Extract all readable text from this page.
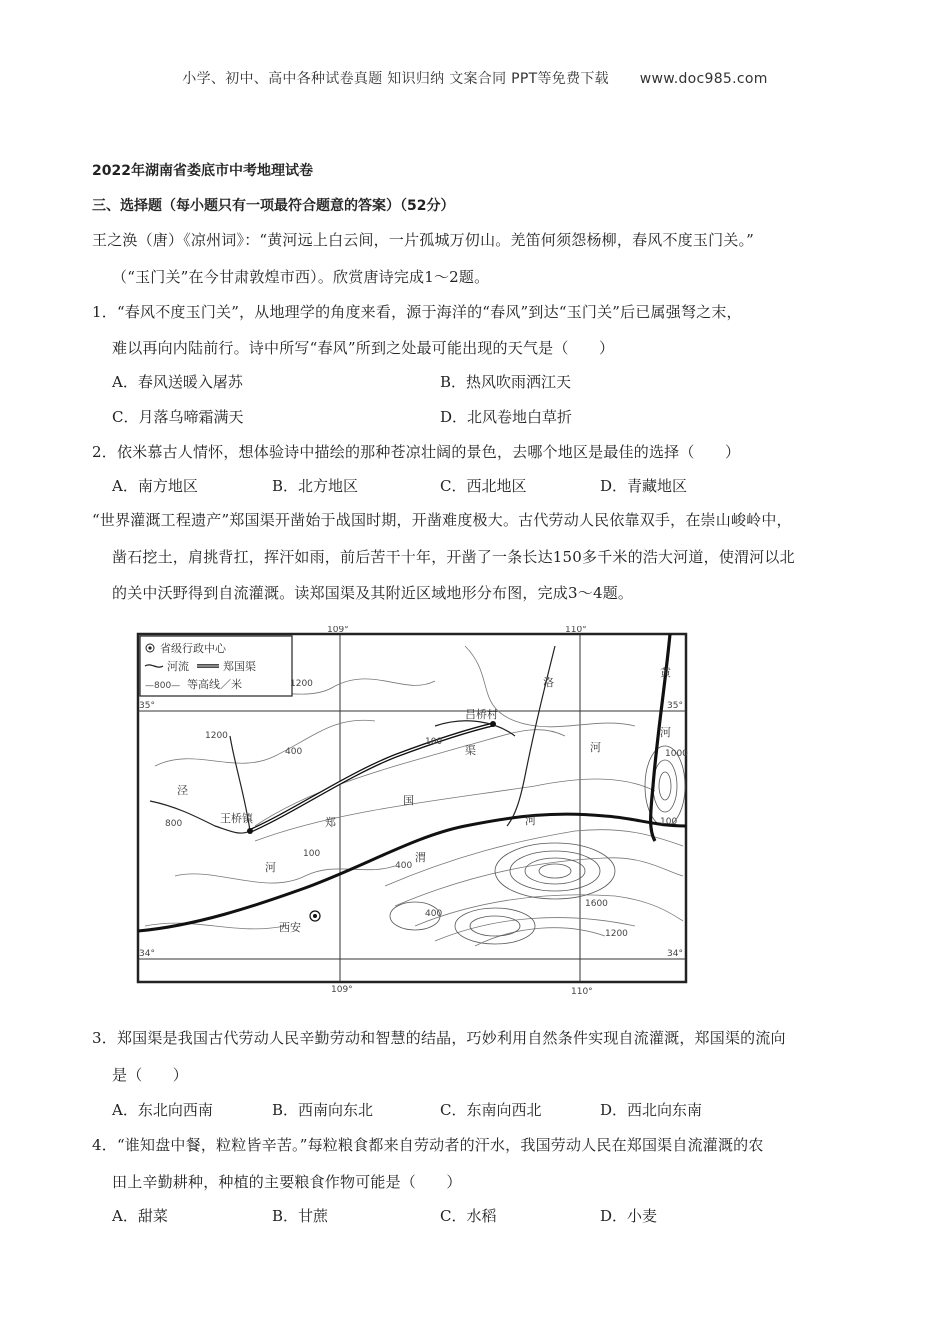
小学、初中、高中各种试卷真题 知识归纳 文案合同 PPT等免费下载 www.doc985.com
2022年湖南省娄底市中考地理试卷
三、选择题（每小题只有一项最符合题意的答案）（52分）
王之涣（唐）《凉州词》：“黄河远上白云间，一片孤城万仞山。羌笛何须怨杨柳，春风不度玉门关。”
（“玉门关”在今甘肃敦煌市西）。欣赏唐诗完成1～2题。
1．“春风不度玉门关”，从地理学的角度来看，源于海洋的“春风”到达“玉门关”后已属强弩之末，
难以再向内陆前行。诗中所写“春风”所到之处最可能出现的天气是（　　）
A．春风送暖入屠苏	B．热风吹雨洒江天
C．月落乌啼霜满天	D．北风卷地白草折
2．依米慕古人情怀，想体验诗中描绘的那种苍凉壮阔的景色，去哪个地区是最佳的选择（　　）
A．南方地区	B．北方地区	C．西北地区	D．青藏地区
“世界灌溉工程遗产”郑国渠开凿始于战国时期，开凿难度极大。古代劳动人民依靠双手，在崇山峻岭中，
凿石挖土，肩挑背扛，挥汗如雨，前后苦干十年，开凿了一条长达150多千米的浩大河道，使渭河以北
的关中沃野得到自流灌溉。读郑国渠及其附近区域地形分布图，完成3～4题。
省级行政中心
河流	郑国渠
—800— 等高线／米
109°	110°
109°	110°
35°	35°
34°	34°
王桥镇
吕桥村
西安
郑
国
渠
泾
河
渭
河
洛
河
黄
河
1200
1200
800
400
100
100
400
400
1600
1200
100
1000
3．郑国渠是我国古代劳动人民辛勤劳动和智慧的结晶，巧妙利用自然条件实现自流灌溉，郑国渠的流向
是（　　）
A．东北向西南	B．西南向东北	C．东南向西北	D．西北向东南
4．“谁知盘中餐，粒粒皆辛苦。”每粒粮食都来自劳动者的汗水，我国劳动人民在郑国渠自流灌溉的农
田上辛勤耕种，种植的主要粮食作物可能是（　　）
A．甜菜	B．甘蔗	C．水稻	D．小麦
